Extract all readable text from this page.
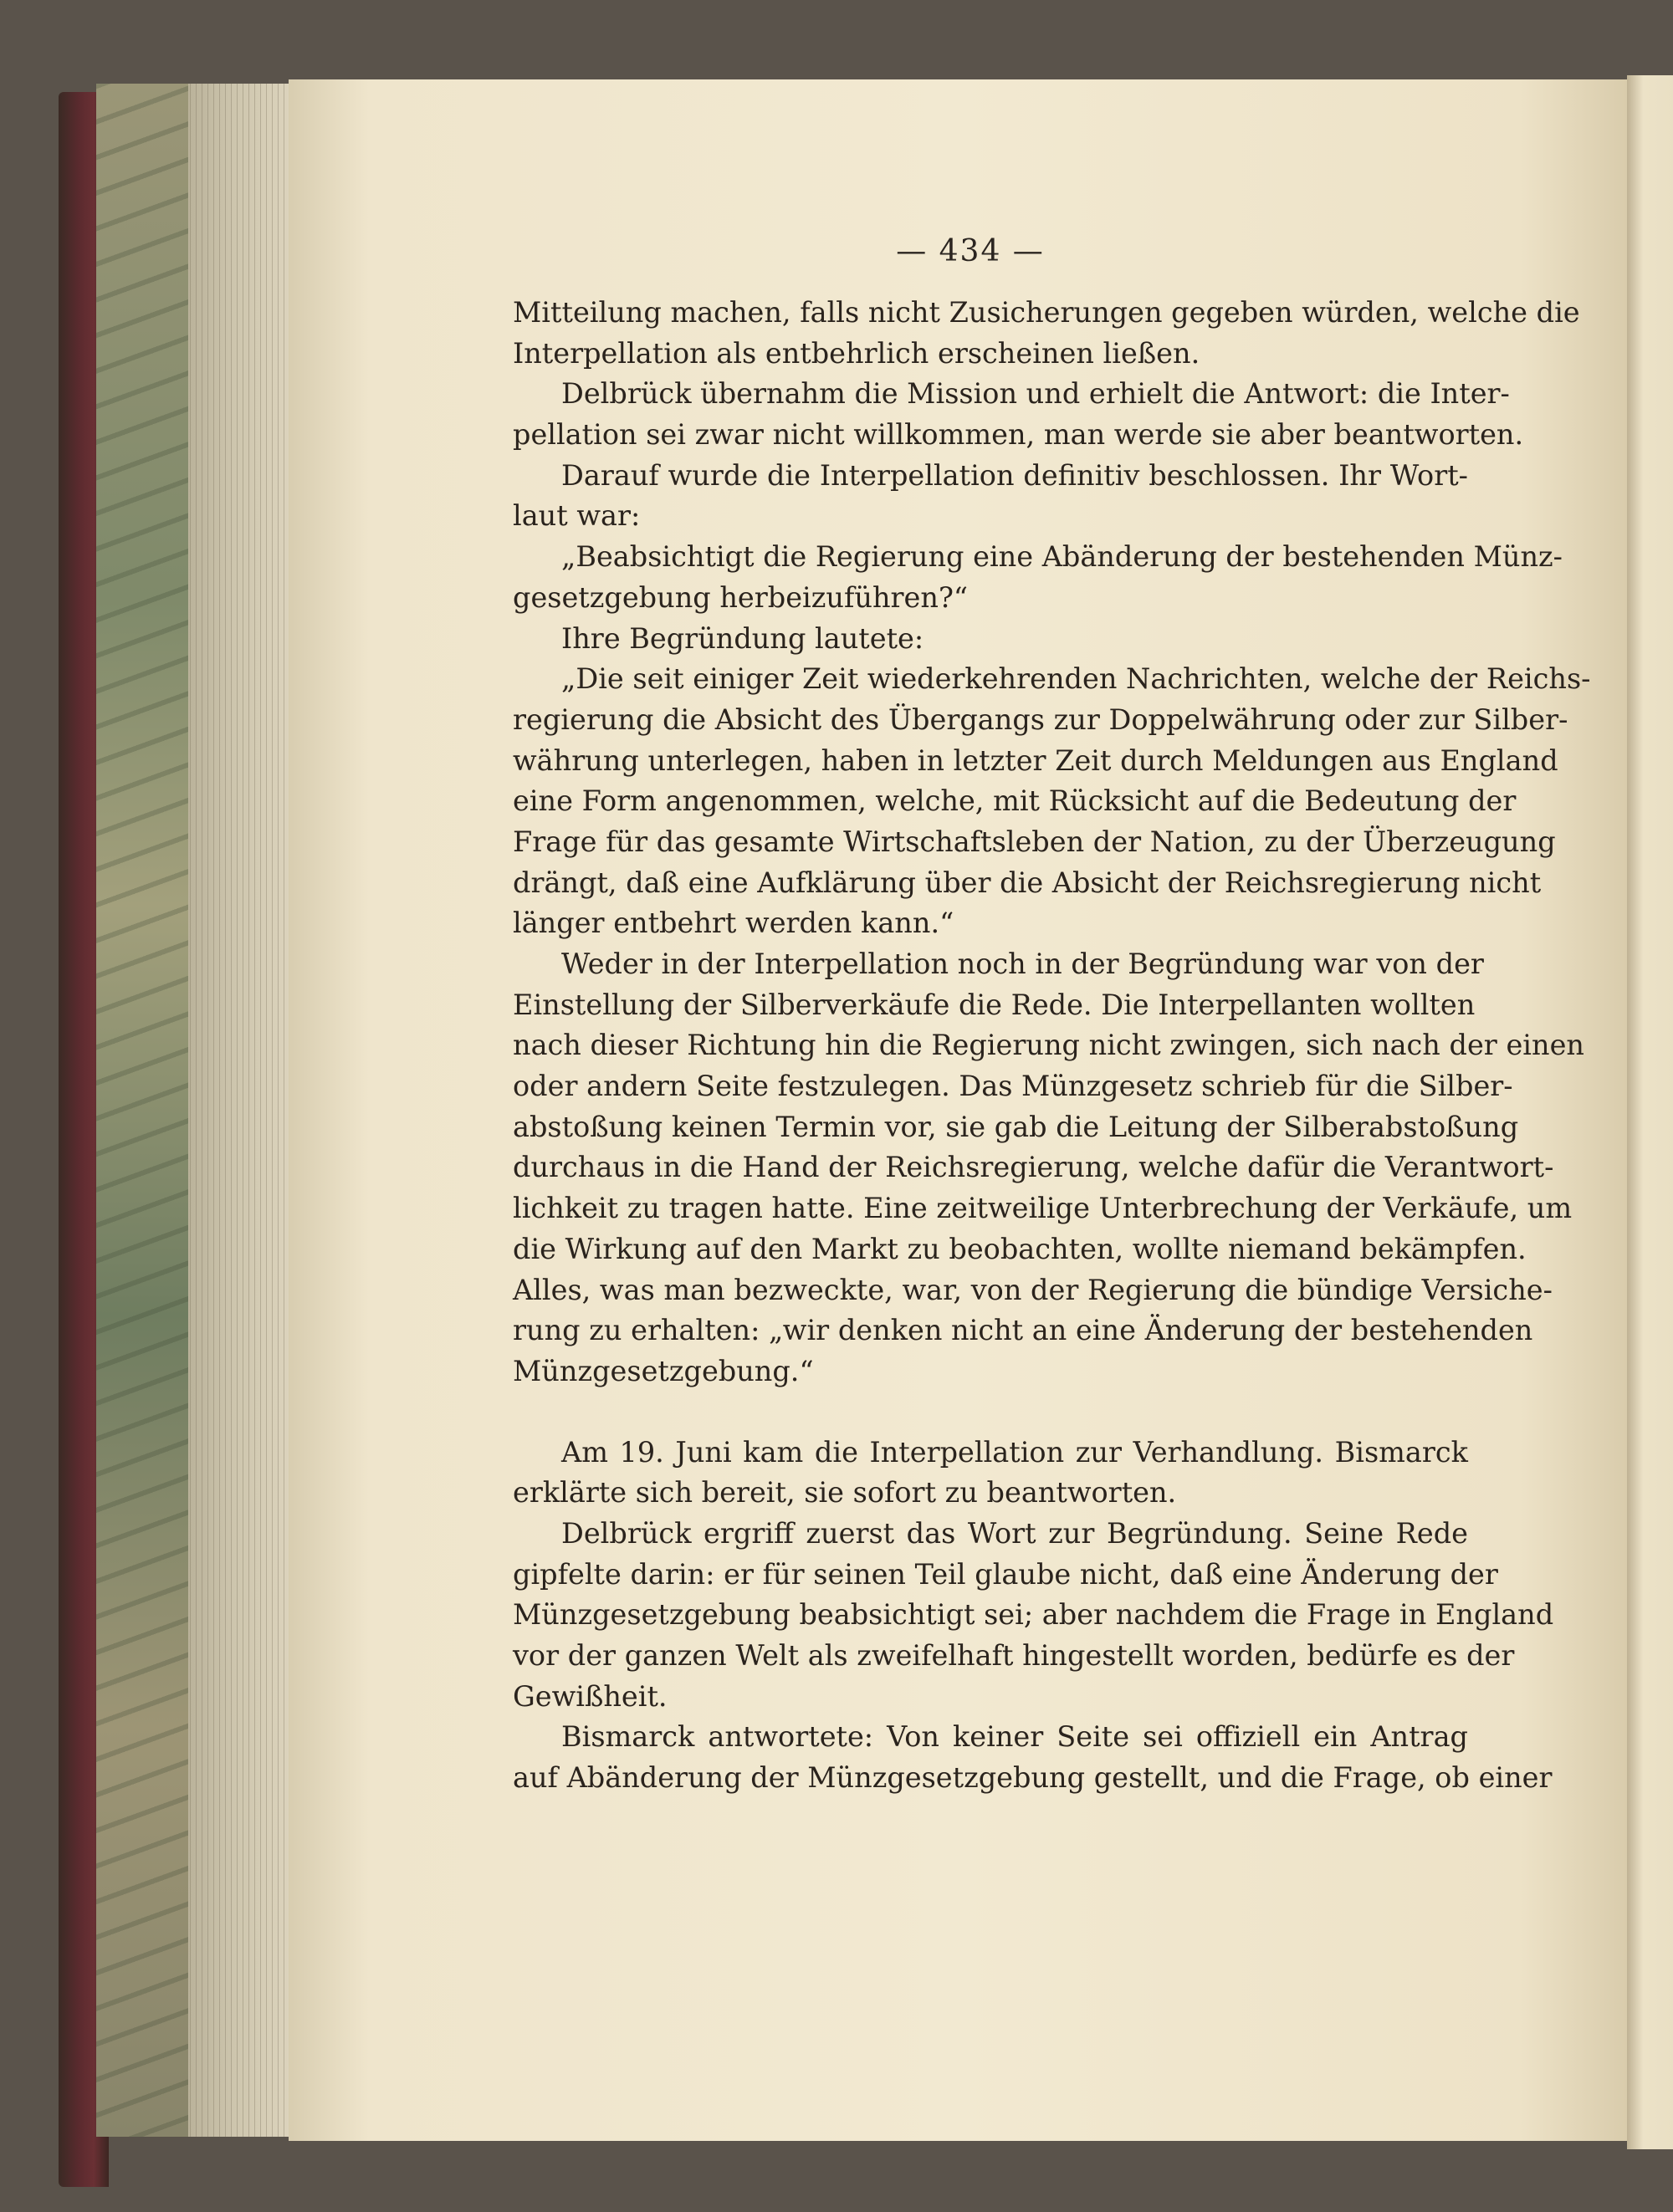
— 434 —
Mitteilung machen, falls nicht Zusicherungen gegeben würden, welche die
Interpellation als entbehrlich erscheinen ließen.
Delbrück übernahm die Mission und erhielt die Antwort: die Inter-
pellation sei zwar nicht willkommen, man werde sie aber beantworten.
Darauf wurde die Interpellation definitiv beschlossen. Ihr Wort-
laut war:
„Beabsichtigt die Regierung eine Abänderung der bestehenden Münz-
gesetzgebung herbeizuführen?“
Ihre Begründung lautete:
„Die seit einiger Zeit wiederkehrenden Nachrichten, welche der Reichs-
regierung die Absicht des Übergangs zur Doppelwährung oder zur Silber-
währung unterlegen, haben in letzter Zeit durch Meldungen aus England
eine Form angenommen, welche, mit Rücksicht auf die Bedeutung der
Frage für das gesamte Wirtschaftsleben der Nation, zu der Überzeugung
drängt, daß eine Aufklärung über die Absicht der Reichsregierung nicht
länger entbehrt werden kann.“
Weder in der Interpellation noch in der Begründung war von der
Einstellung der Silberverkäufe die Rede. Die Interpellanten wollten
nach dieser Richtung hin die Regierung nicht zwingen, sich nach der einen
oder andern Seite festzulegen. Das Münzgesetz schrieb für die Silber-
abstoßung keinen Termin vor, sie gab die Leitung der Silberabstoßung
durchaus in die Hand der Reichsregierung, welche dafür die Verantwort-
lichkeit zu tragen hatte. Eine zeitweilige Unterbrechung der Verkäufe, um
die Wirkung auf den Markt zu beobachten, wollte niemand bekämpfen.
Alles, was man bezweckte, war, von der Regierung die bündige Versiche-
rung zu erhalten: „wir denken nicht an eine Änderung der bestehenden
Münzgesetzgebung.“
Am 19. Juni kam die Interpellation zur Verhandlung. Bismarck
erklärte sich bereit, sie sofort zu beantworten.
Delbrück ergriff zuerst das Wort zur Begründung. Seine Rede
gipfelte darin: er für seinen Teil glaube nicht, daß eine Änderung der
Münzgesetzgebung beabsichtigt sei; aber nachdem die Frage in England
vor der ganzen Welt als zweifelhaft hingestellt worden, bedürfe es der
Gewißheit.
Bismarck antwortete: Von keiner Seite sei offiziell ein Antrag
auf Abänderung der Münzgesetzgebung gestellt, und die Frage, ob einer
